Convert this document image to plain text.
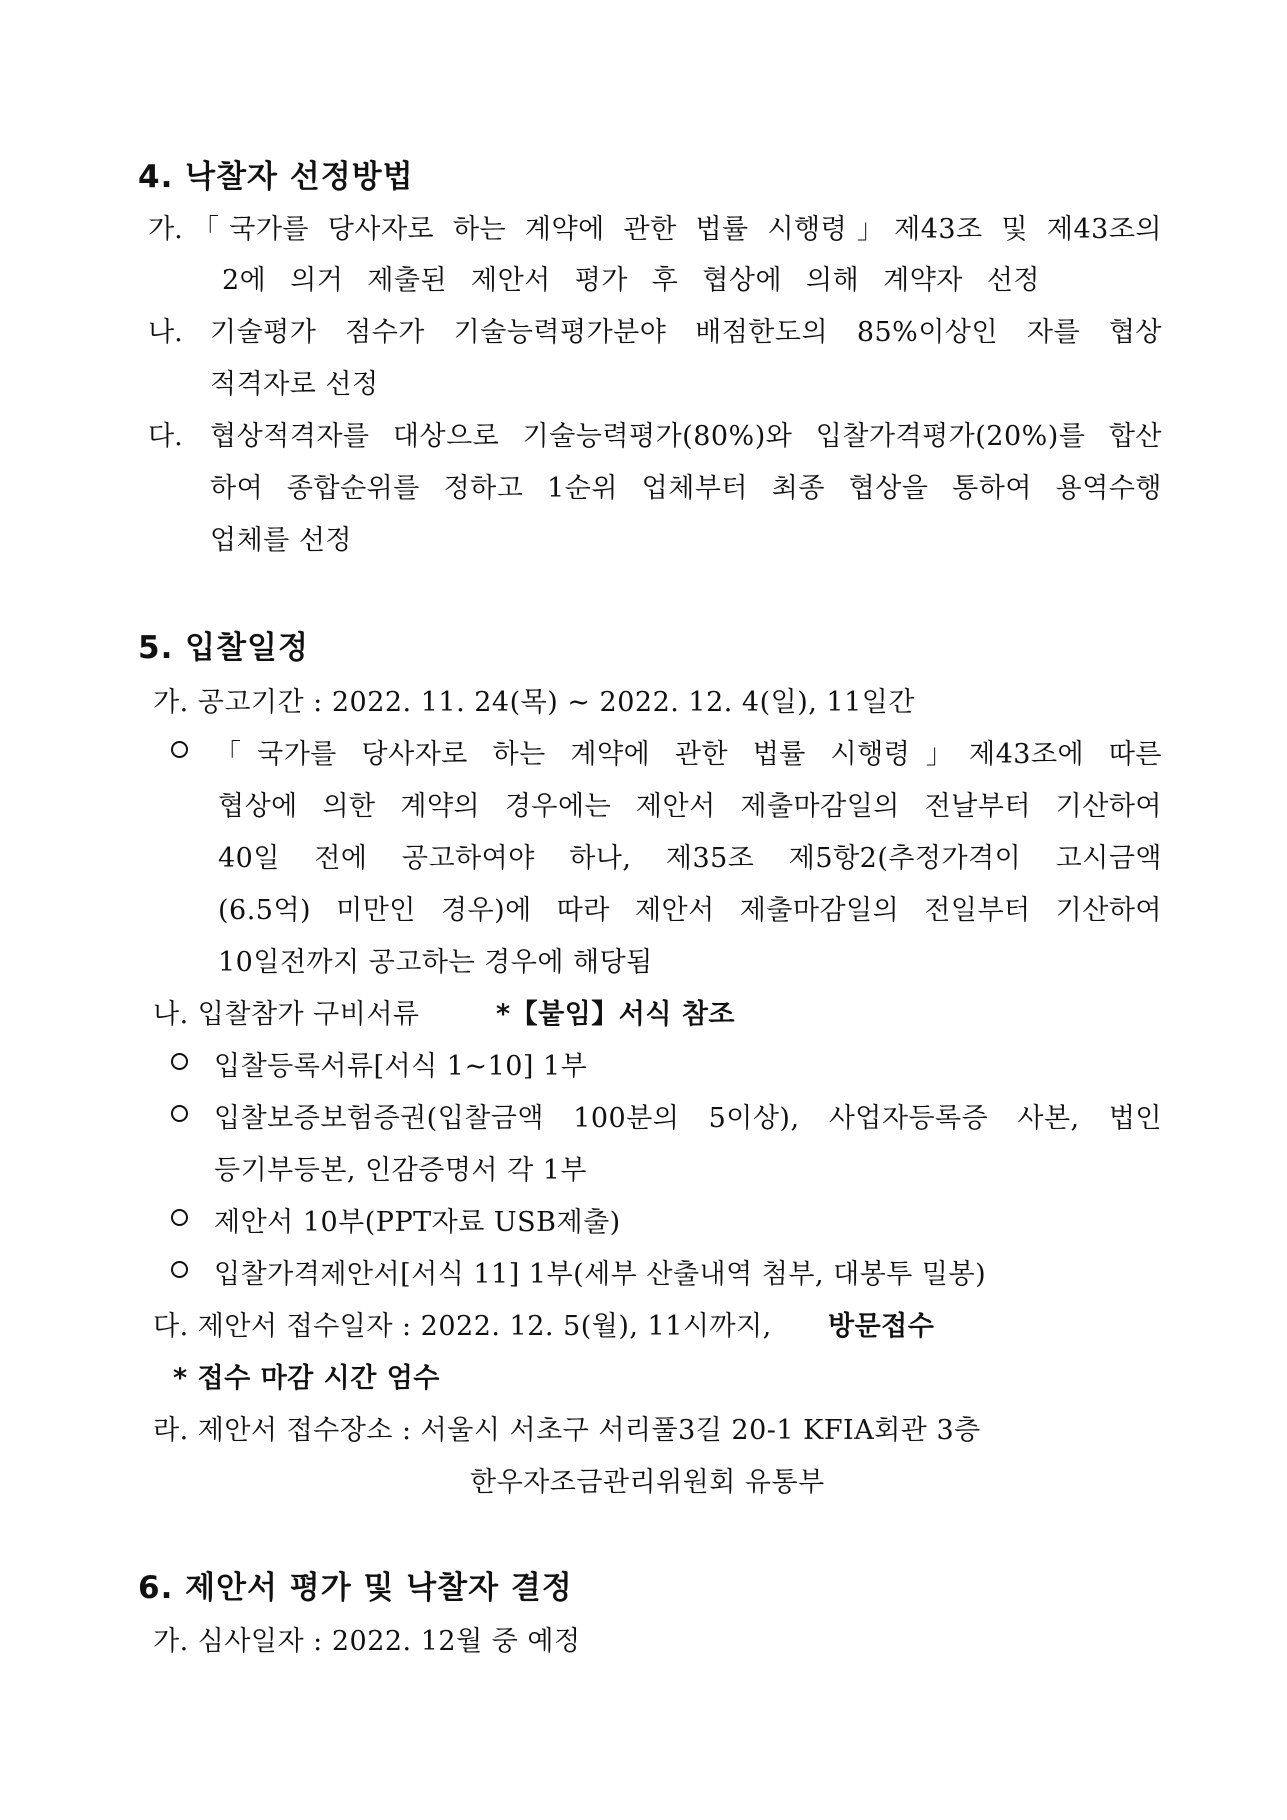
4. 낙찰자 선정방법
가. 「국가를 당사자로 하는 계약에 관한 법률 시행령」제43조 및 제43조의
2에 의거 제출된 제안서 평가 후 협상에 의해 계약자 선정
나. 기술평가 점수가 기술능력평가분야 배점한도의 85%이상인 자를 협상
적격자로 선정
다. 협상적격자를 대상으로 기술능력평가(80%)와 입찰가격평가(20%)를 합산
하여 종합순위를 정하고 1순위 업체부터 최종 협상을 통하여 용역수행
업체를 선정
5. 입찰일정
가. 공고기간 : 2022. 11. 24(목) ~ 2022. 12. 4(일), 11일간
「국가를 당사자로 하는 계약에 관한 법률 시행령」제43조에 따른
협상에 의한 계약의 경우에는 제안서 제출마감일의 전날부터 기산하여
40일 전에 공고하여야 하나, 제35조 제5항2(추정가격이 고시금액
(6.5억) 미만인 경우)에 따라 제안서 제출마감일의 전일부터 기산하여
10일전까지 공고하는 경우에 해당됨
나. 입찰참가 구비서류	*【붙임】서식 참조
입찰등록서류[서식 1~10] 1부
입찰보증보험증권(입찰금액 100분의 5이상), 사업자등록증 사본, 법인
등기부등본, 인감증명서 각 1부
제안서 10부(PPT자료 USB제출)
입찰가격제안서[서식 11] 1부(세부 산출내역 첨부, 대봉투 밀봉)
다. 제안서 접수일자 : 2022. 12. 5(월), 11시까지, 방문접수
* 접수 마감 시간 엄수
라. 제안서 접수장소 : 서울시 서초구 서리풀3길 20-1 KFIA회관 3층
한우자조금관리위원회 유통부
6. 제안서 평가 및 낙찰자 결정
가. 심사일자 : 2022. 12월 중 예정
